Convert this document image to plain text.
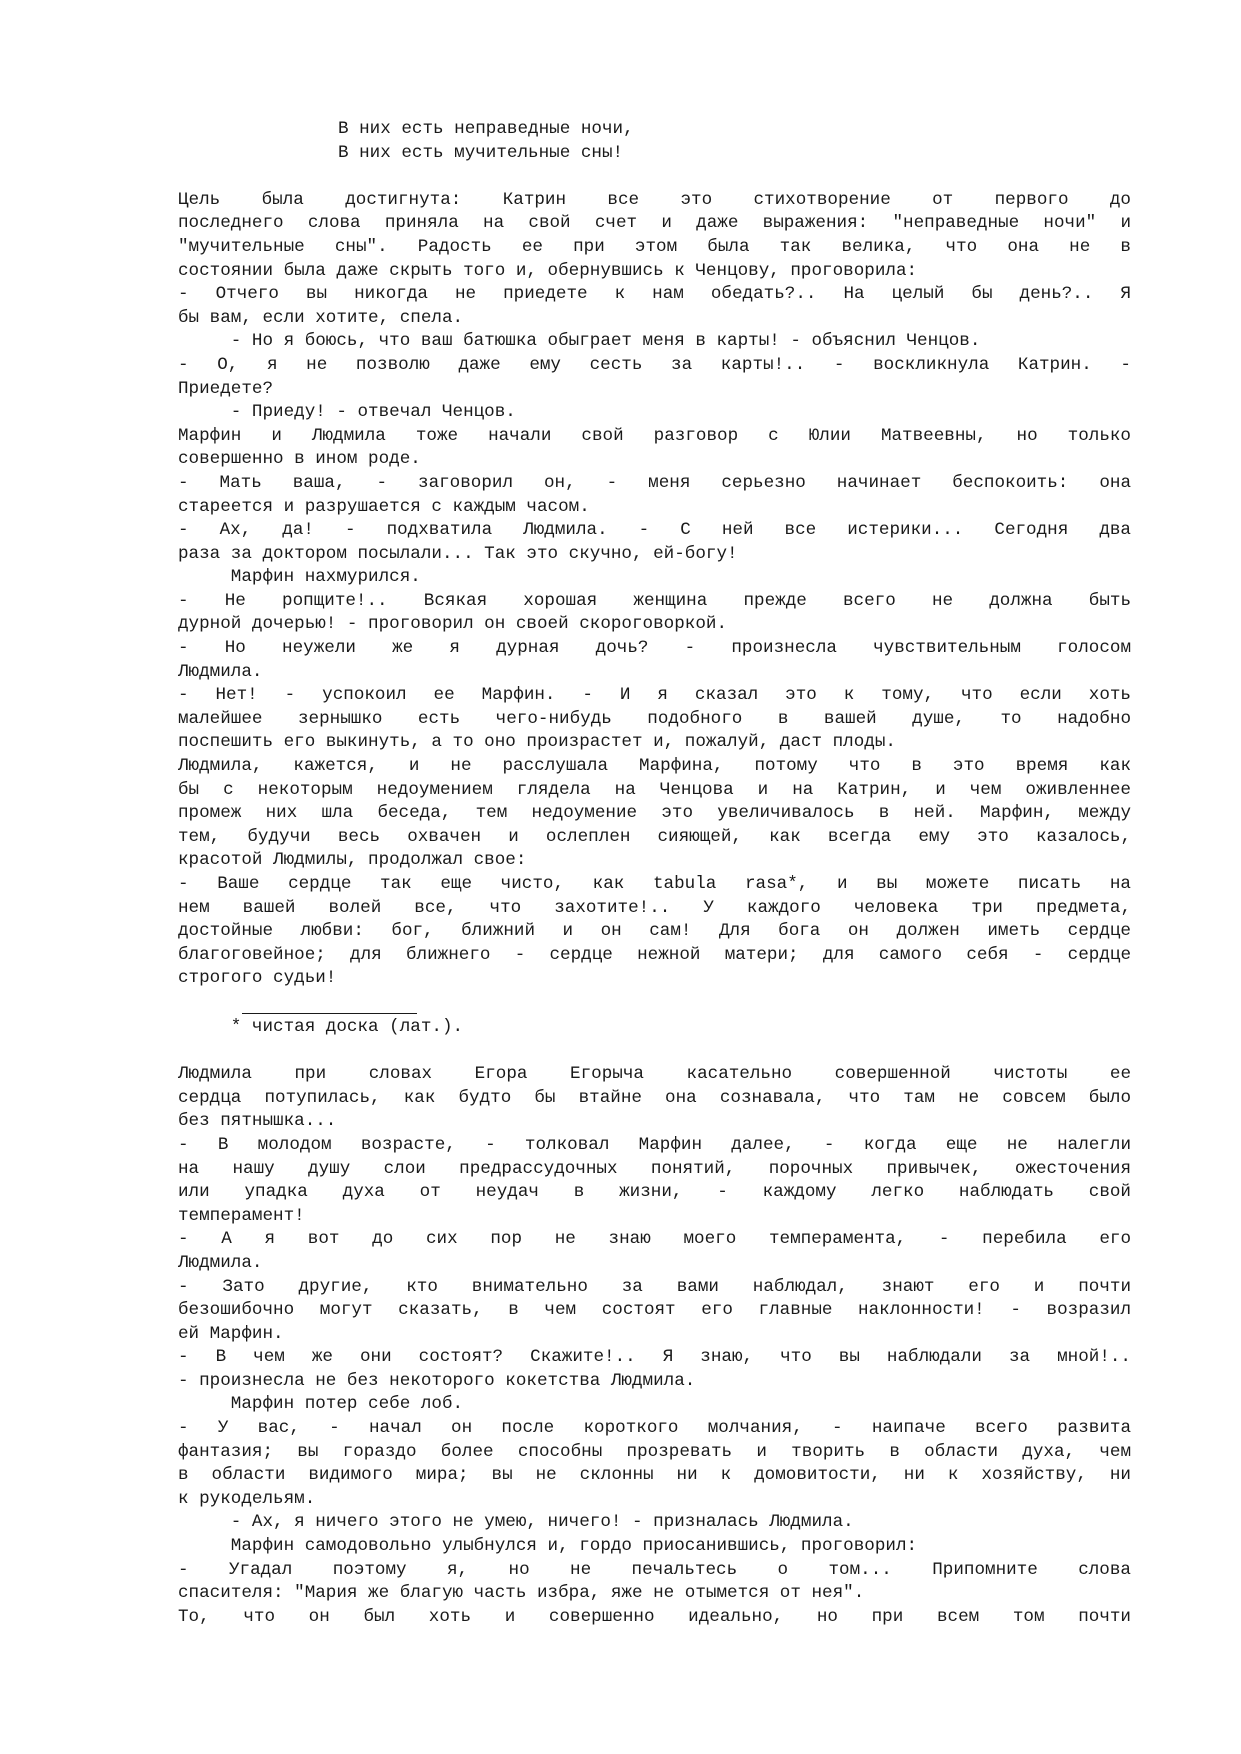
В них есть неправедные ночи,
В них есть мучительные сны!
Цель была достигнута: Катрин все это стихотворение от первого до
последнего слова приняла на свой счет и даже выражения: "неправедные ночи" и
"мучительные сны". Радость ее при этом была так велика, что она не в
состоянии была даже скрыть того и, обернувшись к Ченцову, проговорила:
- Отчего вы никогда не приедете к нам обедать?.. На целый бы день?.. Я
бы вам, если хотите, спела.
- Но я боюсь, что ваш батюшка обыграет меня в карты! - объяснил Ченцов.
- О, я не позволю даже ему сесть за карты!.. - воскликнула Катрин. -
Приедете?
- Приеду! - отвечал Ченцов.
Марфин и Людмила тоже начали свой разговор с Юлии Матвеевны, но только
совершенно в ином роде.
- Мать ваша, - заговорил он, - меня серьезно начинает беспокоить: она
стареется и разрушается с каждым часом.
- Ах, да! - подхватила Людмила. - С ней все истерики... Сегодня два
раза за доктором посылали... Так это скучно, ей-богу!
Марфин нахмурился.
- Не ропщите!.. Всякая хорошая женщина прежде всего не должна быть
дурной дочерью! - проговорил он своей скороговоркой.
- Но неужели же я дурная дочь? - произнесла чувствительным голосом
Людмила.
- Нет! - успокоил ее Марфин. - И я сказал это к тому, что если хоть
малейшее зернышко есть чего-нибудь подобного в вашей душе, то надобно
поспешить его выкинуть, а то оно произрастет и, пожалуй, даст плоды.
Людмила, кажется, и не расслушала Марфина, потому что в это время как
бы с некоторым недоумением глядела на Ченцова и на Катрин, и чем оживленнее
промеж них шла беседа, тем недоумение это увеличивалось в ней. Марфин, между
тем, будучи весь охвачен и ослеплен сияющей, как всегда ему это казалось,
красотой Людмилы, продолжал свое:
- Ваше сердце так еще чисто, как tabula rasa*, и вы можете писать на
нем вашей волей все, что захотите!.. У каждого человека три предмета,
достойные любви: бог, ближний и он сам! Для бога он должен иметь сердце
благоговейное; для ближнего - сердце нежной матери; для самого себя - сердце
строгого судьи!
* чистая доска (лат.).
Людмила при словах Егора Егорыча касательно совершенной чистоты ее
сердца потупилась, как будто бы втайне она сознавала, что там не совсем было
без пятнышка...
- В молодом возрасте, - толковал Марфин далее, - когда еще не налегли
на нашу душу слои предрассудочных понятий, порочных привычек, ожесточения
или упадка духа от неудач в жизни, - каждому легко наблюдать свой
темперамент!
- А я вот до сих пор не знаю моего темперамента, - перебила его
Людмила.
- Зато другие, кто внимательно за вами наблюдал, знают его и почти
безошибочно могут сказать, в чем состоят его главные наклонности! - возразил
ей Марфин.
- В чем же они состоят? Скажите!.. Я знаю, что вы наблюдали за мной!..
- произнесла не без некоторого кокетства Людмила.
Марфин потер себе лоб.
- У вас, - начал он после короткого молчания, - наипаче всего развита
фантазия; вы гораздо более способны прозревать и творить в области духа, чем
в области видимого мира; вы не склонны ни к домовитости, ни к хозяйству, ни
к рукодельям.
- Ах, я ничего этого не умею, ничего! - призналась Людмила.
Марфин самодовольно улыбнулся и, гордо приосанившись, проговорил:
- Угадал поэтому я, но не печальтесь о том... Припомните слова
спасителя: "Мария же благую часть избра, яже не отымется от нея".
То, что он был хоть и совершенно идеально, но при всем том почти
